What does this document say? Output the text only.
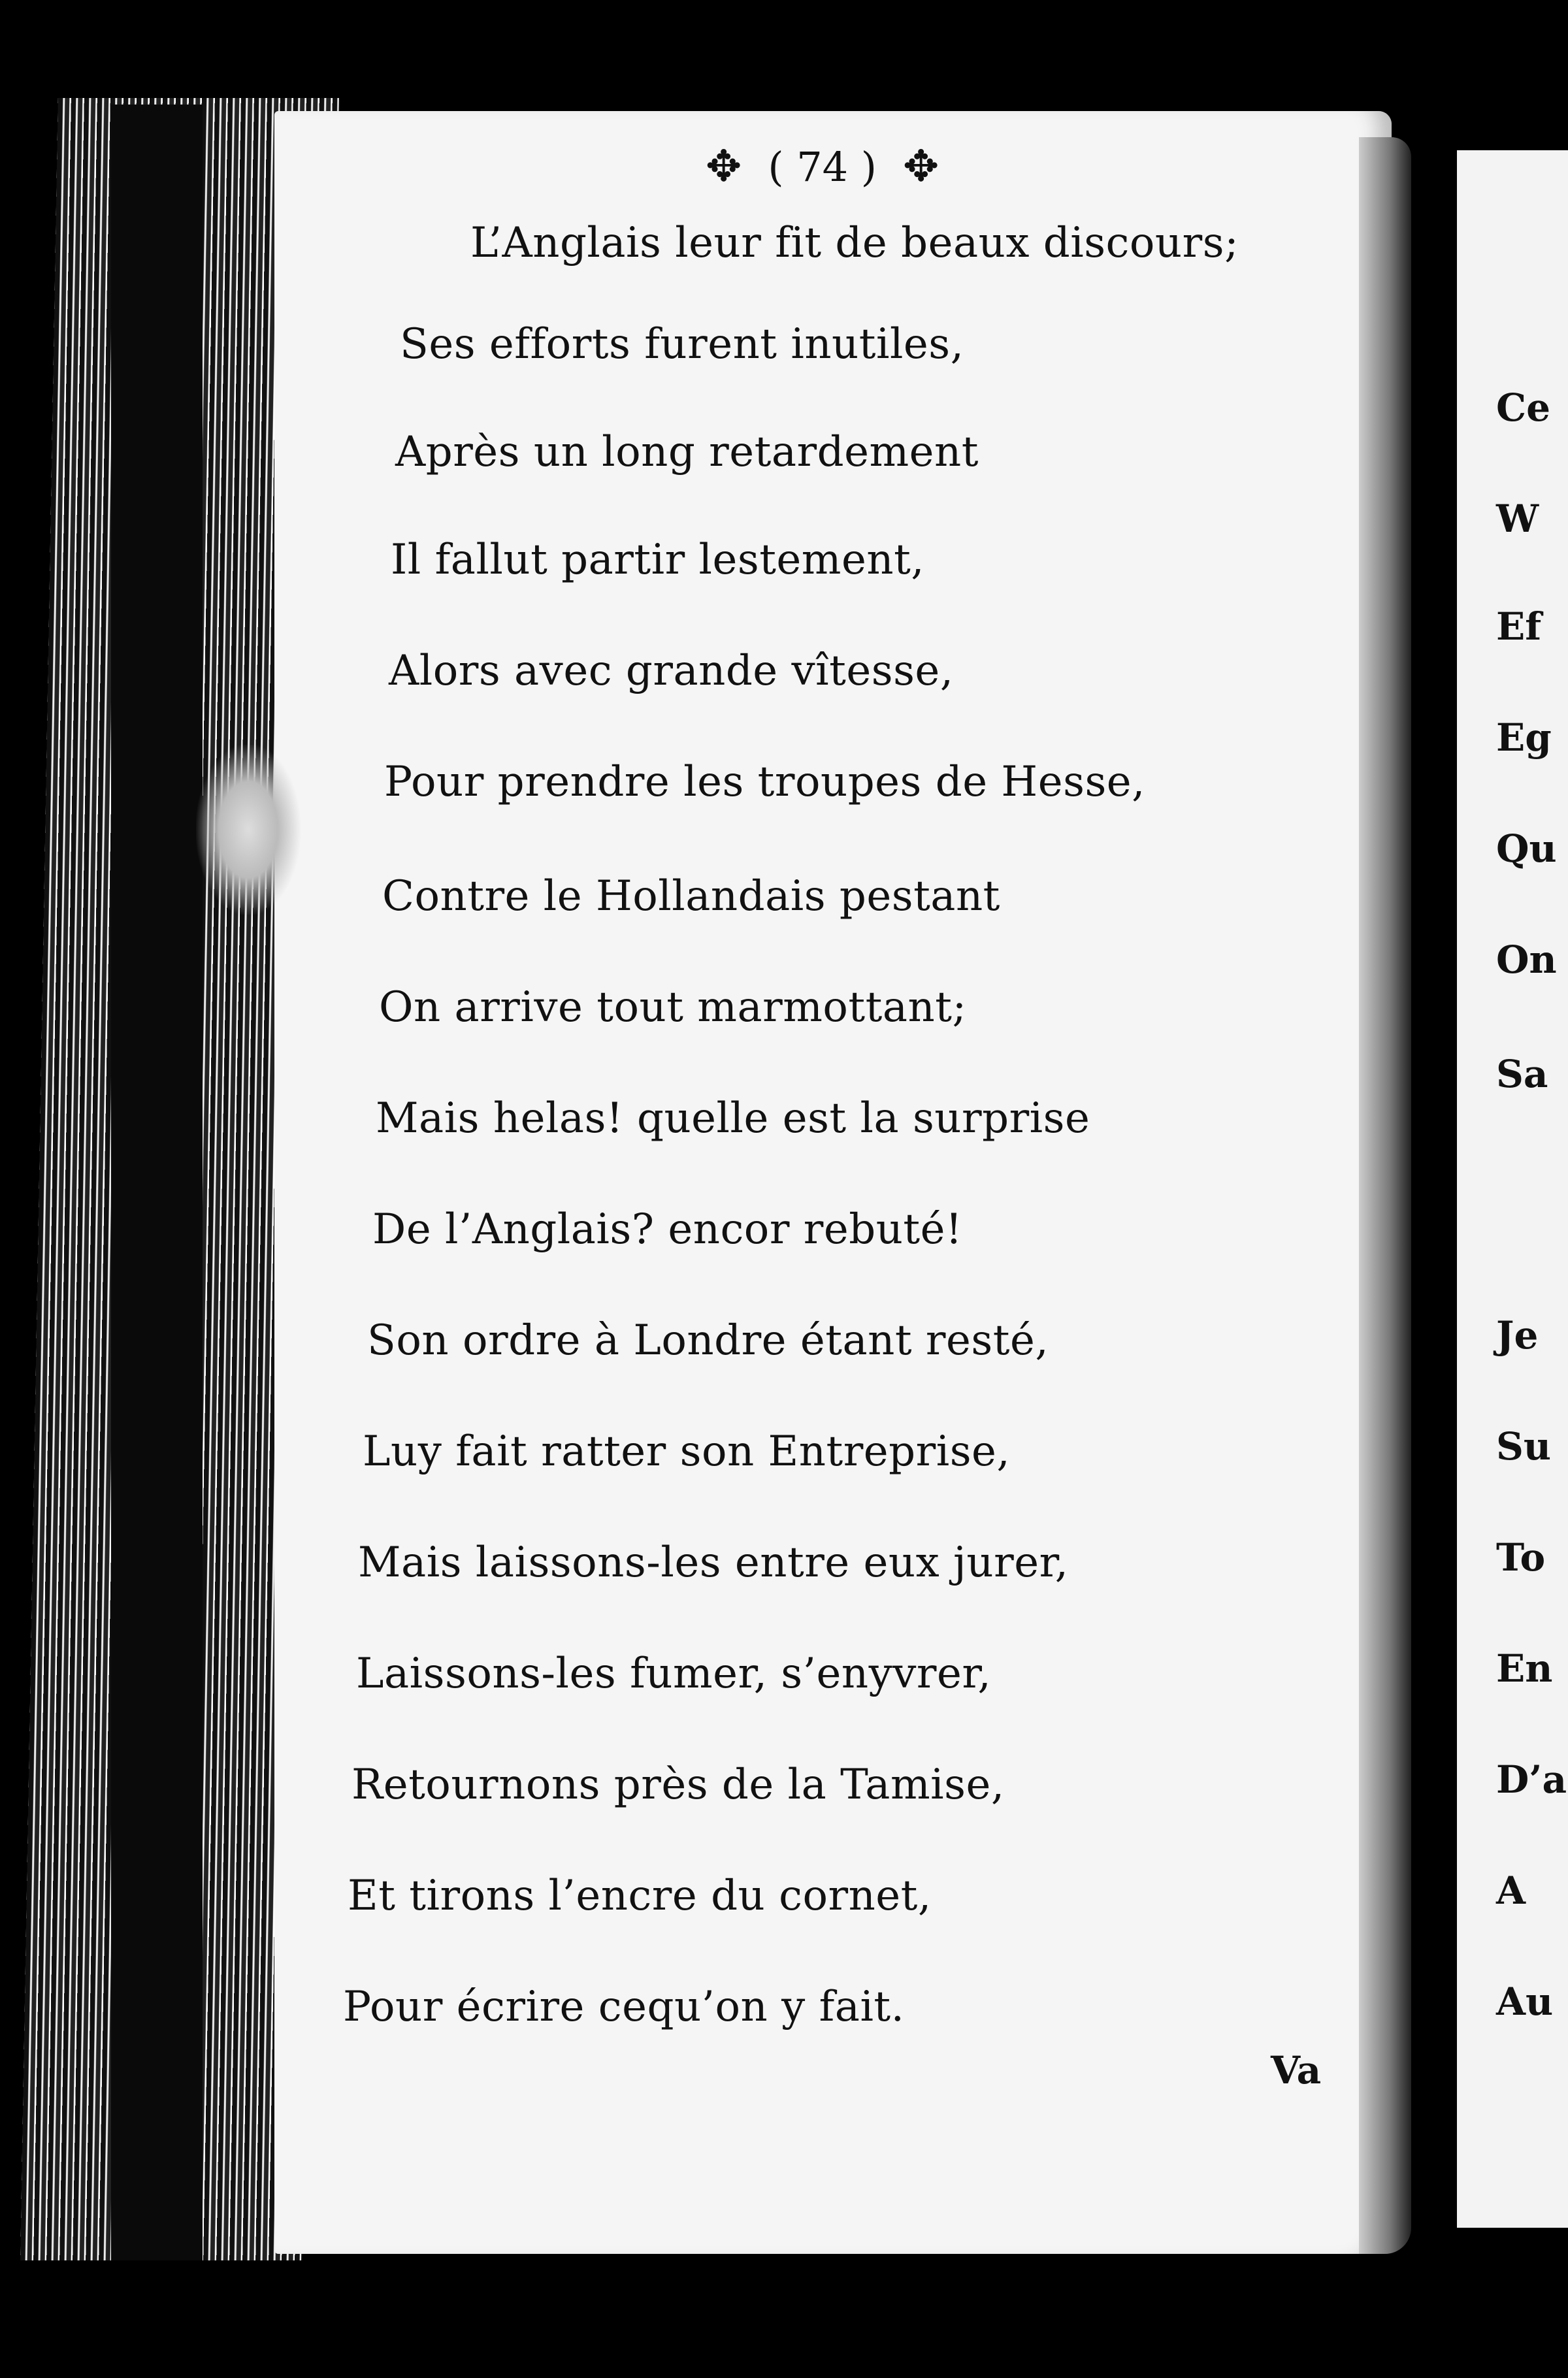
✥ ( 74 ) ✥
L’Anglais leur fit de beaux discours;
Ses efforts furent inutiles,
Après un long retardement
Il fallut partir lestement,
Alors avec grande vîtesse,
Pour prendre les troupes de Hesse,
Contre le Hollandais pestant
On arrive tout marmottant;
Mais helas! quelle est la surprise
De l’Anglais? encor rebuté!
Son ordre à Londre étant resté,
Luy fait ratter son Entreprise,
Mais laissons-les entre eux jurer,
Laissons-les fumer, s’enyvrer,
Retournons près de la Tamise,
Et tirons l’encre du cornet,
Pour écrire cequ’on y fait.
Va
Ce
W
Ef
Eg
Qu
On
Sa
Je
Su
To
En
D’a
A
Au
